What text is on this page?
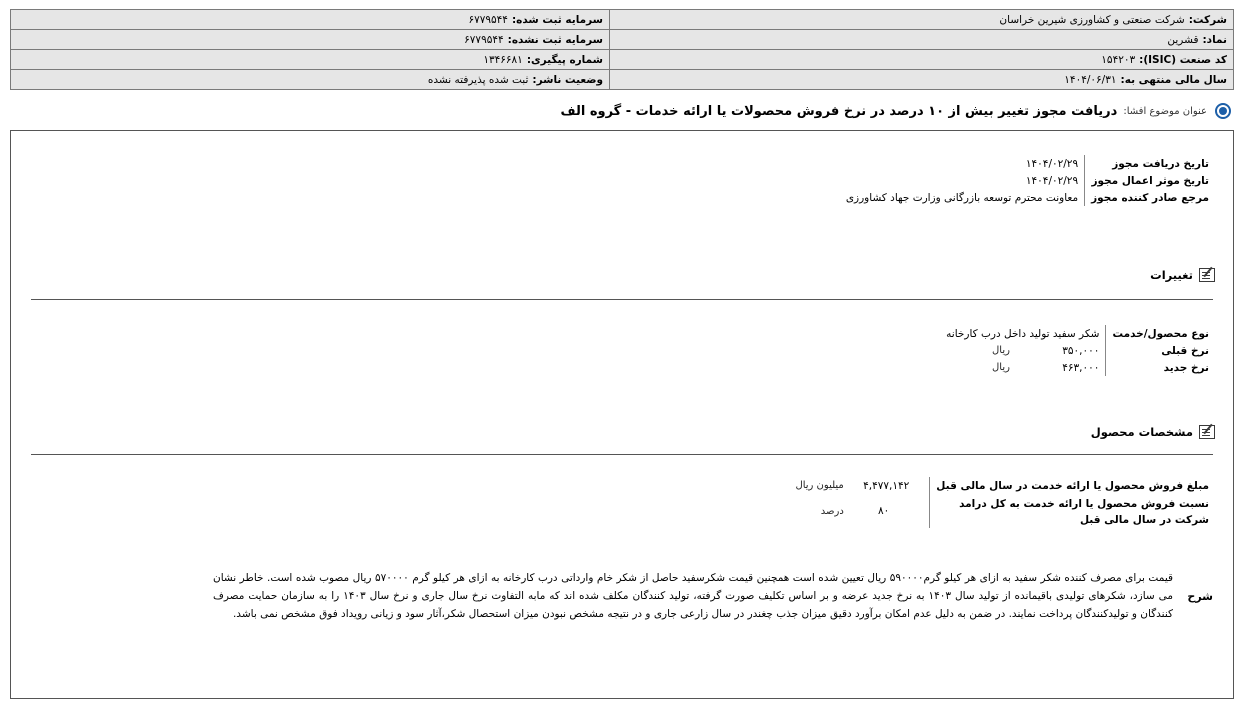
شرکت:شرکت صنعتی و کشاورزی شیرین خراسان	سرمایه ثبت شده:۶۷۷۹۵۴۴
نماد:قشرین	سرمایه ثبت نشده:۶۷۷۹۵۴۴
کد صنعت (ISIC):۱۵۴۲۰۳	شماره پیگیری:۱۳۴۶۶۸۱
سال مالی منتهی به:۱۴۰۴/۰۶/۳۱	وضعیت ناشر:ثبت شده پذیرفته نشده
عنوان موضوع افشا:
دریافت مجوز تغییر بیش از ۱۰ درصد در نرخ فروش محصولات یا ارائه خدمات - گروه الف
تاریخ دریافت مجوز	۱۴۰۴/۰۲/۲۹
تاریخ موثر اعمال مجوز	۱۴۰۴/۰۲/۲۹
مرجع صادر کننده مجوز	معاونت محترم توسعه بازرگانی وزارت جهاد کشاورزی
تغییرات
نوع محصول/خدمت	شکر سفید تولید داخل درب کارخانه	
نرخ قبلی	۳۵۰,۰۰۰	ریال
نرخ جدید	۴۶۳,۰۰۰	ریال
مشخصات محصول
مبلغ فروش محصول یا ارائه خدمت در سال مالی قبل	۴,۴۷۷,۱۴۲	میلیون ریال
نسبت فروش محصول یا ارائه خدمت به کل درامد شرکت در سال مالی قبل	۸۰	درصد
شرح
قیمت برای مصرف کننده شکر سفید به ازای هر کیلو گرم۵۹۰۰۰۰ ریال تعیین شده است همچنین قیمت شکرسفید حاصل از شکر خام وارداتی درب کارخانه به ازای هر کیلو گرم ۵۷۰۰۰۰ ریال مصوب شده است. خاطر نشان می سازد، شکرهای تولیدی باقیمانده از تولید سال ۱۴۰۳ به نرخ جدید عرضه و بر اساس تکلیف صورت گرفته، تولید کنندگان مکلف شده اند که مابه التفاوت نرخ سال جاری و نرخ سال ۱۴۰۳ را به سازمان حمایت مصرف کنندگان و تولیدکنندگان پرداخت نمایند. در ضمن به دلیل عدم امکان برآورد دقیق میزان جذب چغندر در سال زارعی جاری و در نتیجه مشخص نبودن میزان استحصال شکر،آثار سود و زیانی رویداد فوق مشخص نمی باشد.
